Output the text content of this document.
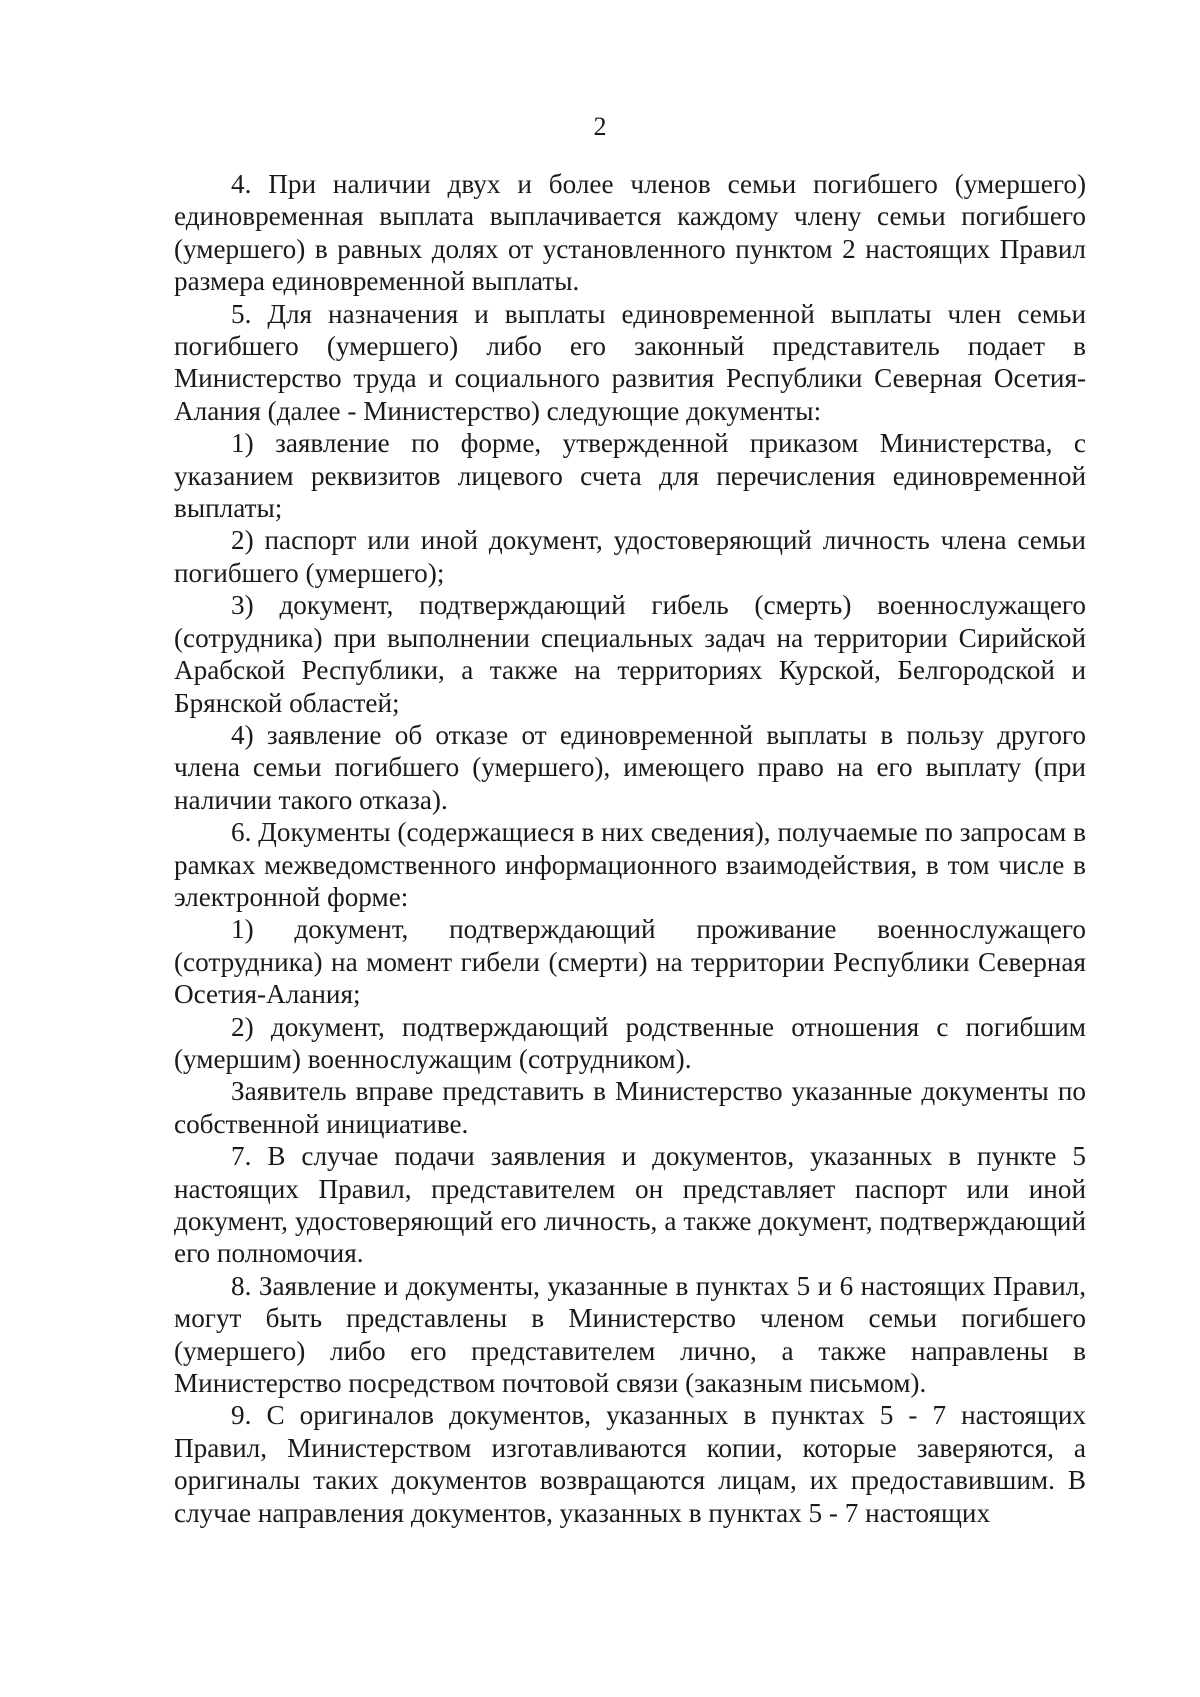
2

4. При наличии двух и более членов семьи погибшего (умершего) единовременная выплата выплачивается каждому члену семьи погибшего (умершего) в равных долях от установленного пунктом 2 настоящих Правил размера единовременной выплаты.

5. Для назначения и выплаты единовременной выплаты член семьи погибшего (умершего) либо его законный представитель подает в Министерство труда и социального развития Республики Северная Осетия-Алания (далее - Министерство) следующие документы:

1) заявление по форме, утвержденной приказом Министерства, с указанием реквизитов лицевого счета для перечисления единовременной выплаты;

2) паспорт или иной документ, удостоверяющий личность члена семьи погибшего (умершего);

3) документ, подтверждающий гибель (смерть) военнослужащего (сотрудника) при выполнении специальных задач на территории Сирийской Арабской Республики, а также на территориях Курской, Белгородской и Брянской областей;

4) заявление об отказе от единовременной выплаты в пользу другого члена семьи погибшего (умершего), имеющего право на его выплату (при наличии такого отказа).

6. Документы (содержащиеся в них сведения), получаемые по запросам в рамках межведомственного информационного взаимодействия, в том числе в электронной форме:

1) документ, подтверждающий проживание военнослужащего (сотрудника) на момент гибели (смерти) на территории Республики Северная Осетия-Алания;

2) документ, подтверждающий родственные отношения с погибшим (умершим) военнослужащим (сотрудником).

Заявитель вправе представить в Министерство указанные документы по собственной инициативе.

7. В случае подачи заявления и документов, указанных в пункте 5 настоящих Правил, представителем он представляет паспорт или иной документ, удостоверяющий его личность, а также документ, подтверждающий его полномочия.

8. Заявление и документы, указанные в пунктах 5 и 6 настоящих Правил, могут быть представлены в Министерство членом семьи погибшего (умершего) либо его представителем лично, а также направлены в Министерство посредством почтовой связи (заказным письмом).

9. С оригиналов документов, указанных в пунктах 5 - 7 настоящих Правил, Министерством изготавливаются копии, которые заверяются, а оригиналы таких документов возвращаются лицам, их предоставившим. В случае направления документов, указанных в пунктах 5 - 7 настоящих
